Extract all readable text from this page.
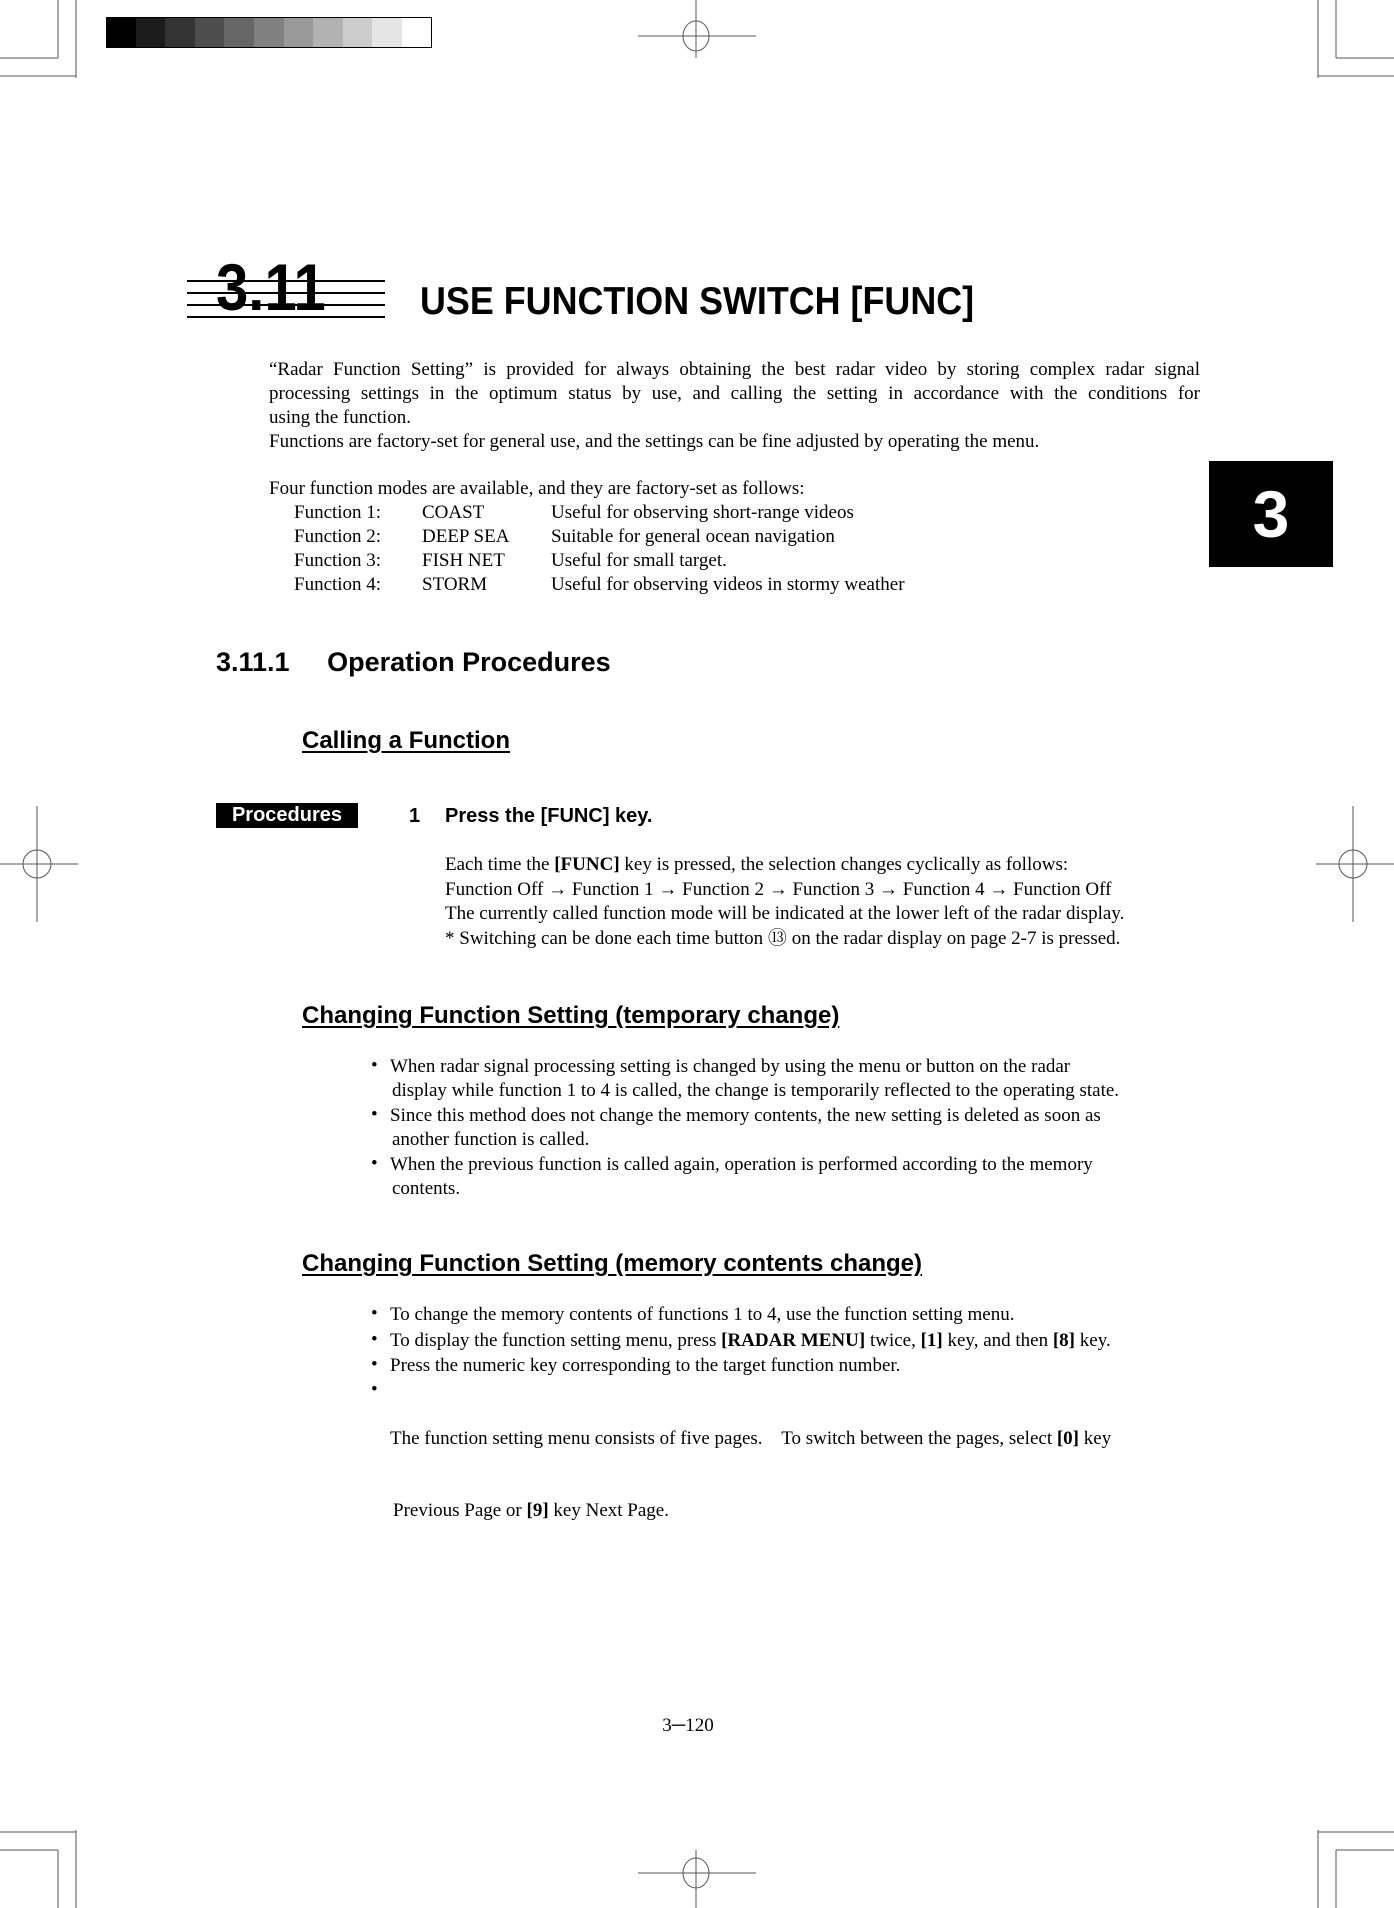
3.11 USE FUNCTION SWITCH [FUNC]
3
“Radar Function Setting” is provided for always obtaining the best radar video by storing complex radar signal
processing settings in the optimum status by use, and calling the setting in accordance with the conditions for
using the function.
Functions are factory-set for general use, and the settings can be fine adjusted by operating the menu.
Four function modes are available, and they are factory-set as follows:
Function 1: COAST	Useful for observing short-range videos
Function 2: DEEP SEA Suitable for general ocean navigation
Function 3: FISH NET Useful for small target.
Function 4: STORM	Useful for observing videos in stormy weather
3.11.1 Operation Procedures
Calling a Function
Procedures	1 Press the [FUNC] key.
Each time the [FUNC] key is pressed, the selection changes cyclically as follows:
Function Off → Function 1 → Function 2 → Function 3 → Function 4 → Function Off
The currently called function mode will be indicated at the lower left of the radar display.
* Switching can be done each time button ⑬ on the radar display on page 2-7 is pressed.
Changing Function Setting (temporary change)
• When radar signal processing setting is changed by using the menu or button on the radar
display while function 1 to 4 is called, the change is temporarily reflected to the operating state.
• Since this method does not change the memory contents, the new setting is deleted as soon as
another function is called.
• When the previous function is called again, operation is performed according to the memory
contents.
Changing Function Setting (memory contents change)
• To change the memory contents of functions 1 to 4, use the function setting menu.
• To display the function setting menu, press [RADAR MENU] twice, [1] key, and then [8] key.
• Press the numeric key corresponding to the target function number.
•

The function setting menu consists of five pages.    To switch between the pages, select [0] key

Previous Page or [9] key Next Page.

3─120
